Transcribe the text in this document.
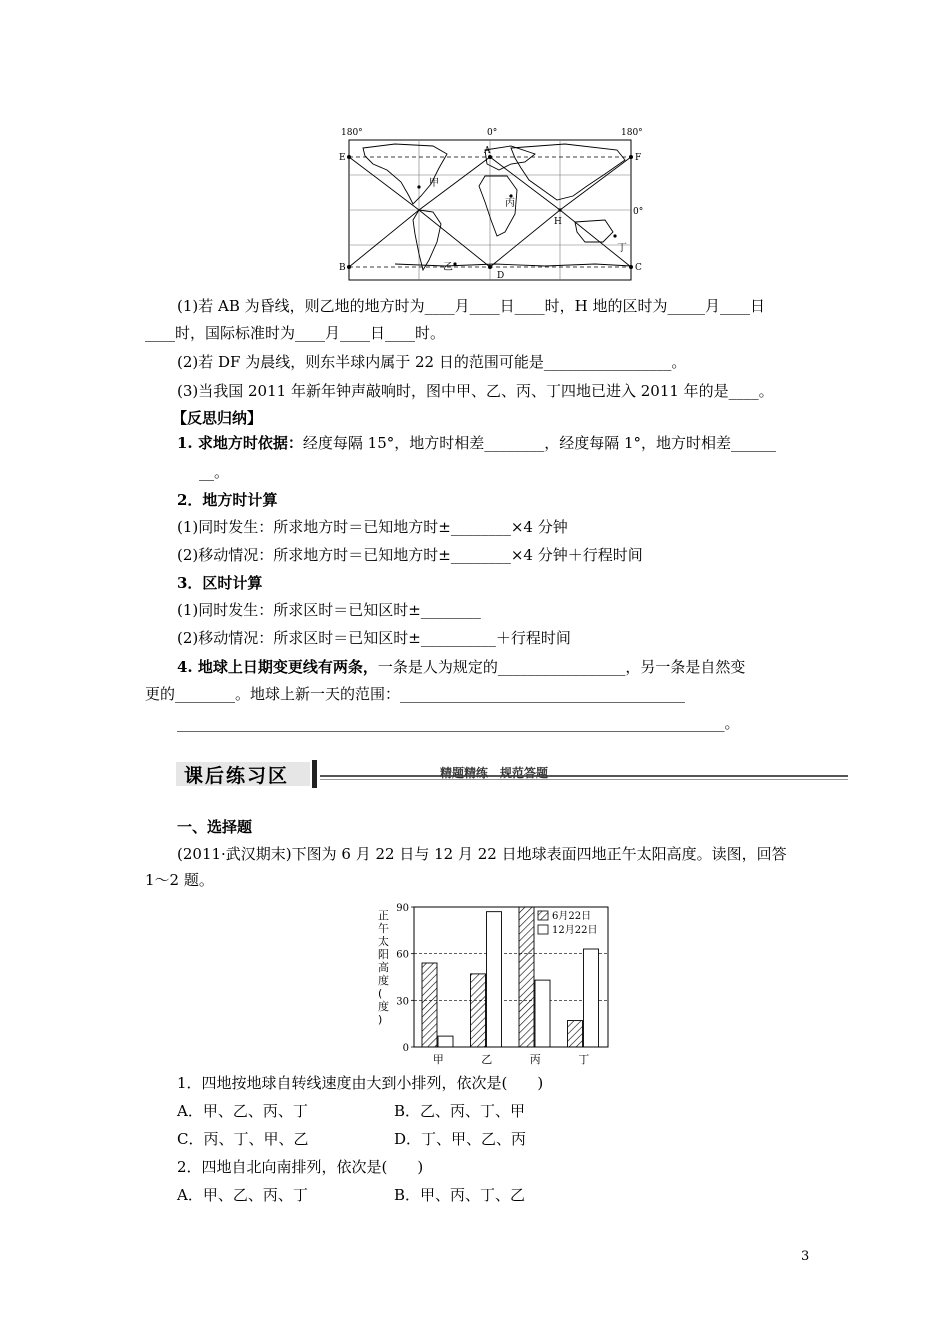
180°	0°	180°
0°
E
A
F
B
D
C
H
甲
乙
丙
丁
(1)若 AB 为昏线，则乙地的地方时为____月____日____时，H 地的区时为_____月____日
____时，国际标准时为____月____日____时。
(2)若 DF 为晨线，则东半球内属于 22 日的范围可能是_________________。
(3)当我国 2011 年新年钟声敲响时，图中甲、乙、丙、丁四地已进入 2011 年的是____。
【反思归纳】
1. 求地方时依据：经度每隔 15°，地方时相差________，经度每隔 1°，地方时相差______
__。
2．地方时计算
(1)同时发生：所求地方时＝已知地方时±________×4 分钟
(2)移动情况：所求地方时＝已知地方时±________×4 分钟＋行程时间
3．区时计算
(1)同时发生：所求区时＝已知区时±________
(2)移动情况：所求区时＝已知区时±__________＋行程时间
4. 地球上日期变更线有两条，一条是人为规定的_________________，另一条是自然变
更的________。地球上新一天的范围：______________________________________
_________________________________________________________________________。
课后练习区	精题精练　规范答题
一、选择题
(2011·武汉期末)下图为 6 月 22 日与 12 月 22 日地球表面四地正午太阳高度。读图，回答
1～2 题。
正
午
太
阳
高
度
(
度
)
0
30
60
90
甲	乙	丙	丁
6月22日
12月22日
1．四地按地球自转线速度由大到小排列，依次是(　　)
A．甲、乙、丙、丁	B．乙、丙、丁、甲
C．丙、丁、甲、乙	D．丁、甲、乙、丙
2．四地自北向南排列，依次是(　　)
A．甲、乙、丙、丁	B．甲、丙、丁、乙
3
